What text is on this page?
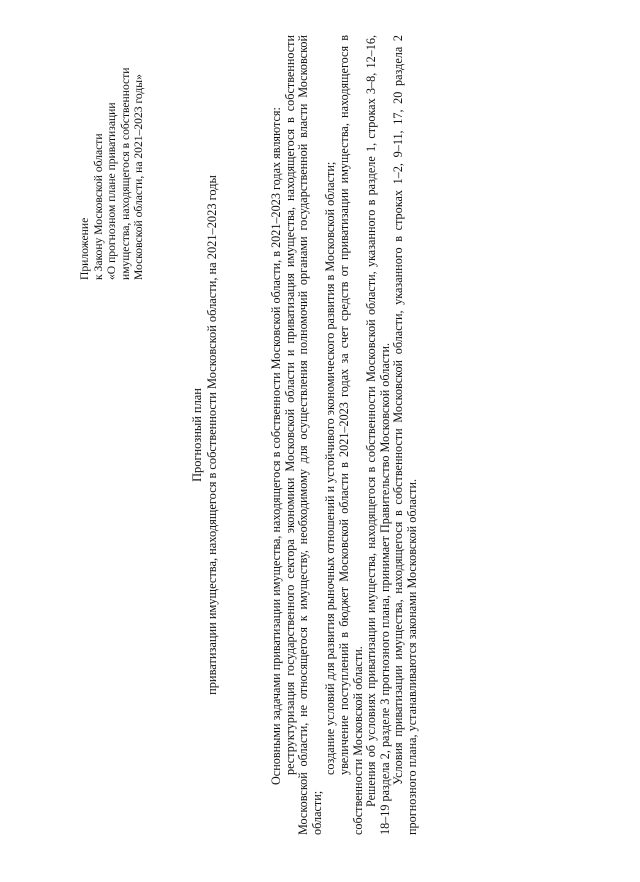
Приложение к Закону Московской области «О прогнозном плане приватизации имущества, находящегося в собственности Московской области, на 2021–2023 годы»
Прогнозный план приватизации имущества, находящегося в собственности Московской области, на 2021–2023 годы	Основными задачами приватизации имущества, находящегося в собственности Московской области, в 2021–2023 годах являются: реструктуризация государственного сектора экономики Московской области и приватизация имущества, находящегося в собственности Московской области, не относящегося к имуществу, необходимому для осуществления полномочий органами государственной власти Московской области;

создание условий для развития рыночных отношений и устойчивого экономического развития в Московской области; увеличение поступлений в бюджет Московской области в 2021–2023 годах за счет средств от приватизации имущества, находящегося в собственности Московской области. Решения об условиях приватизации имущества, находящегося в собственности Московской области, указанного в разделе 1, строках 3–8, 12–16, 18–19 раздела 2, разделе 3 прогнозного плана, принимает Правительство Московской области. Условия приватизации имущества, находящегося в собственности Московской области, указанного в строках 1–2, 9–11, 17, 20 раздела 2 прогнозного плана, устанавливаются законами Московской области.
